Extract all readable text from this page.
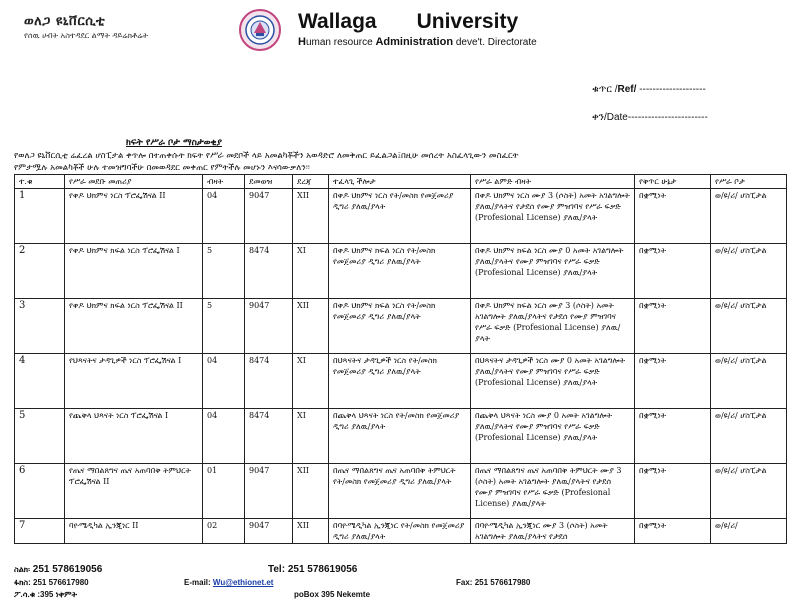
ወለጋ ዩኒቨርሲቲ
የሰዉ ሀብት አስተዳደር ልማት ዳይሬክቶሬት
Wallaga University
Human resource Administration deve't. Directorate
ቁጥር /Ref/ --------------------
ቀን/Date------------------------
ክፍት የሥራ ቦታ ማስታወቂያ
የወለጋ ዩኒቨርሲቲ ሬፈረል ሆስፒታል ቀጥሎ በተጠቀሱት ክፍት የሥራ መደቦች ላይ አመልካቾችን አወዳድሮ ለመቅጠር ይፈልጋል፤በዚሁ መሰረት አስፈላጊውን መስፈርት
የምታሟሉ አመልካቾች ሁሉ ተመዝግባችሁ በመወዳደር መቀጠር የምትችሉ መሆኑን እናሳውቃለን፡፡
ተ.ቁ	የሥራ መደቡ መጠሪያ	ብዛት	ደመወዝ	ደረጃ	ተፈላጊ ችሎታ	የሥራ ልምድ ብዛት	የቅጥር ሁኔታ	የሥራ ቦታ
1	የቀዶ ህክምና ነርስ ፕሮፌሽናል II	04	9047	XII	በቀዶ ህክምና ነርስ የት/መስክ የመጀመሪያ ዲግሪ ያለዉ/ያላት	በቀዶ ህክምና ነርስ ሙያ 3 (ሶስት) አመት አገልግሎት ያለዉ/ያላትና የታደሰ የሙያ ምዝገባና የሥራ ፍቃድ (Profesional License) ያለዉ/ያላት	በቋሚነት	ወ/ዩ/ሪ/ ሆስፒታል
2	የቀዶ ህክምና ክፍል ነርስ ፕሮፌሽናል I	5	8474	XI	በቀዶ ህክምና ክፍል ነርስ የት/መስክ የመጀመሪያ ዲግሪ ያለዉ/ያላት	በቀዶ ህክምና ክፍል ነርስ ሙያ 0 አመት አገልግሎት ያለዉ/ያላትና የሙያ ምዝገባና የሥራ ፍቃድ (Profesional License) ያለዉ/ያላት	በቋሚነት	ወ/ዩ/ሪ/ ሆስፒታል
3	የቀዶ ህክምና ክፍል ነርስ ፕሮፌሽናል II	5	9047	XII	በቀዶ ህክምና ክፍል ነርስ የት/መስክ የመጀመሪያ ዲግሪ ያለዉ/ያላት	በቀዶ ህክምና ክፍል ነርስ ሙያ 3 (ሶስት) አመት አገልግሎት ያለዉ/ያላትና የታደሰ የሙያ ምዝገባና የሥራ ፍቃድ (Profesional License) ያለዉ/ያላት	በቋሚነት	ወ/ዩ/ሪ/ ሆስፒታል
4	የህጻናትና ታዳጊዎች ነርስ ፕሮፌሽናል I	04	8474	XI	በህጻናትና ታዳጊዎች ነርስ የት/መስክ የመጀመሪያ ዲግሪ ያለዉ/ያላት	በህጻናትና ታዳጊዎች ነርስ ሙያ 0 አመት አገልግሎት ያለዉ/ያላትና የሙያ ምዝገባና የሥራ ፍቃድ (Profesional License) ያለዉ/ያላት	በቋሚነት	ወ/ዩ/ሪ/ ሆስፒታል
5	የጨቅላ ህጻናት ነርስ ፕሮፌሽናል I	04	8474	XI	በጨቅላ ህጻናት ነርስ የት/መስክ የመጀመሪያ ዲግሪ ያለዉ/ያላት	በጨቅላ ህጻናት ነርስ ሙያ 0 አመት አገልግሎት ያለዉ/ያላትና የሙያ ምዝገባና የሥራ ፍቃድ (Profesional License) ያለዉ/ያላት	በቋሚነት	ወ/ዩ/ሪ/ ሆስፒታል
6	የጤና ማበልጸግና ጤና አጠባበቅ ትምህርት ፕሮፌሽናል II	01	9047	XII	በጤና ማበልጸግና ጤና አጠባበቅ ትምህርት የት/መስክ የመጀመሪያ ዲግሪ ያለዉ/ያላት	በጤና ማበልጸግና ጤና አጠባበቅ ትምህርት ሙያ 3 (ሶስት) አመት አገልግሎት ያለዉ/ያላትና የታደሰ የሙያ ምዝገባና የሥራ ፍቃድ (Profesional License) ያለዉ/ያላት	በቋሚነት	ወ/ዩ/ሪ/ ሆስፒታል
7	ባዮሜዲካል ኢንጂነር II	02	9047	XII	በባዮሜዲካል ኢንጂነር የት/መስክ የመጀመሪያ ዲግሪ ያለዉ/ያላት	በባዮሜዲካል ኢንጂነር ሙያ 3 (ሶስት) አመት አገልግሎት ያለዉ/ያላትና የታደሰ	በቋሚነት	ወ/ዩ/ሪ/
ስልክ፡ 251 578619056	Tel: 251 578619056
ፋክስ: 251 576617980	E-mail: Wu@ethionet.et	Fax: 251 576617980
ፖ.ሳ.ቁ :395 ነቀምት	poBox 395 Nekemte
